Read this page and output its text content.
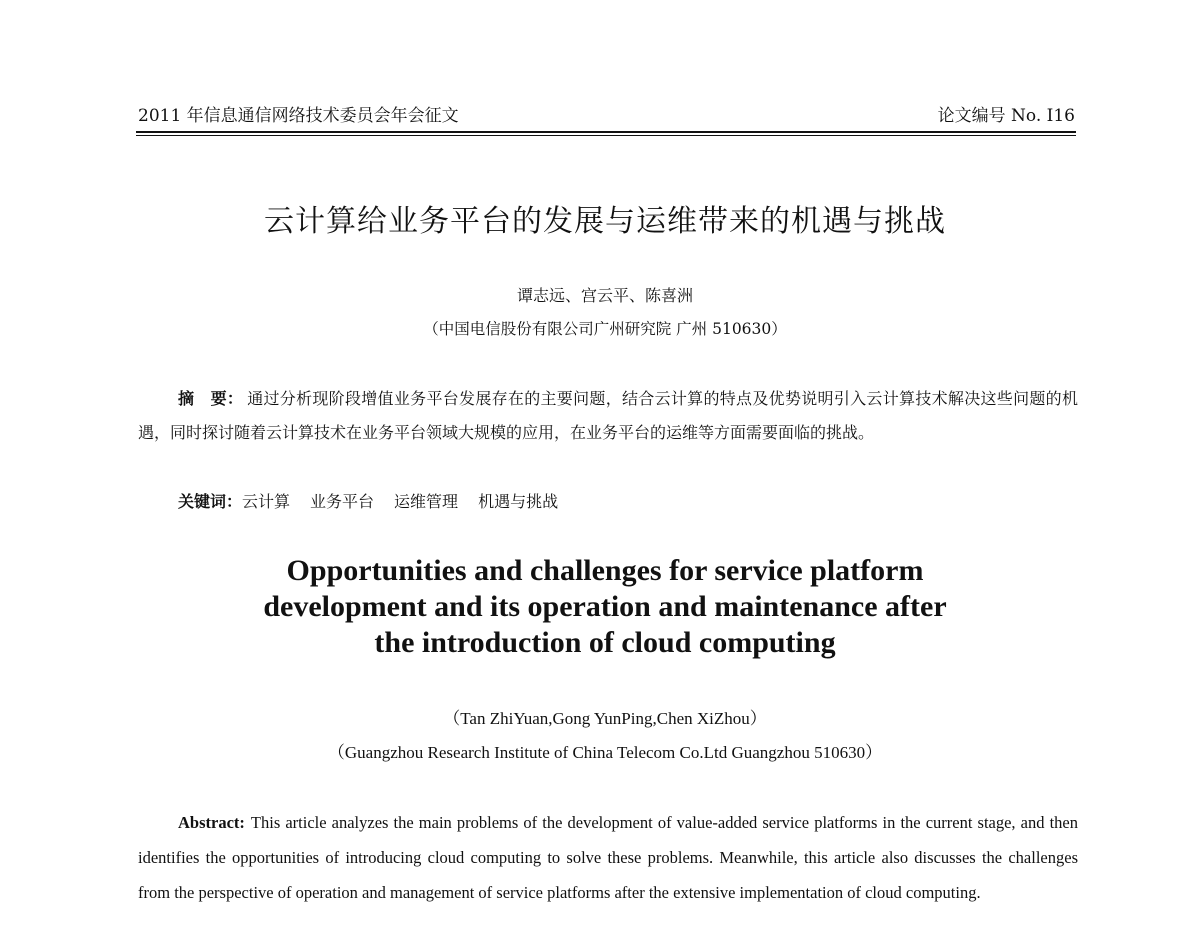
2011 年信息通信网络技术委员会年会征文	论文编号 No. I16
云计算给业务平台的发展与运维带来的机遇与挑战
谭志远、宫云平、陈喜洲
（中国电信股份有限公司广州研究院 广州 510630）
摘　要： 通过分析现阶段增值业务平台发展存在的主要问题，结合云计算的特点及优势说明引入云计算技术解决这些问题的机遇，同时探讨随着云计算技术在业务平台领域大规模的应用，在业务平台的运维等方面需要面临的挑战。
关键词：云计算 业务平台 运维管理 机遇与挑战
Opportunities and challenges for service platform
development and its operation and maintenance after
the introduction of cloud computing
（Tan ZhiYuan,Gong YunPing,Chen XiZhou）
（Guangzhou Research Institute of China Telecom Co.Ltd Guangzhou 510630）
Abstract: This article analyzes the main problems of the development of value-added service platforms in the current stage, and then identifies the opportunities of introducing cloud computing to solve these problems. Meanwhile, this article also discusses the challenges from the perspective of operation and management of service platforms after the extensive implementation of cloud computing.
